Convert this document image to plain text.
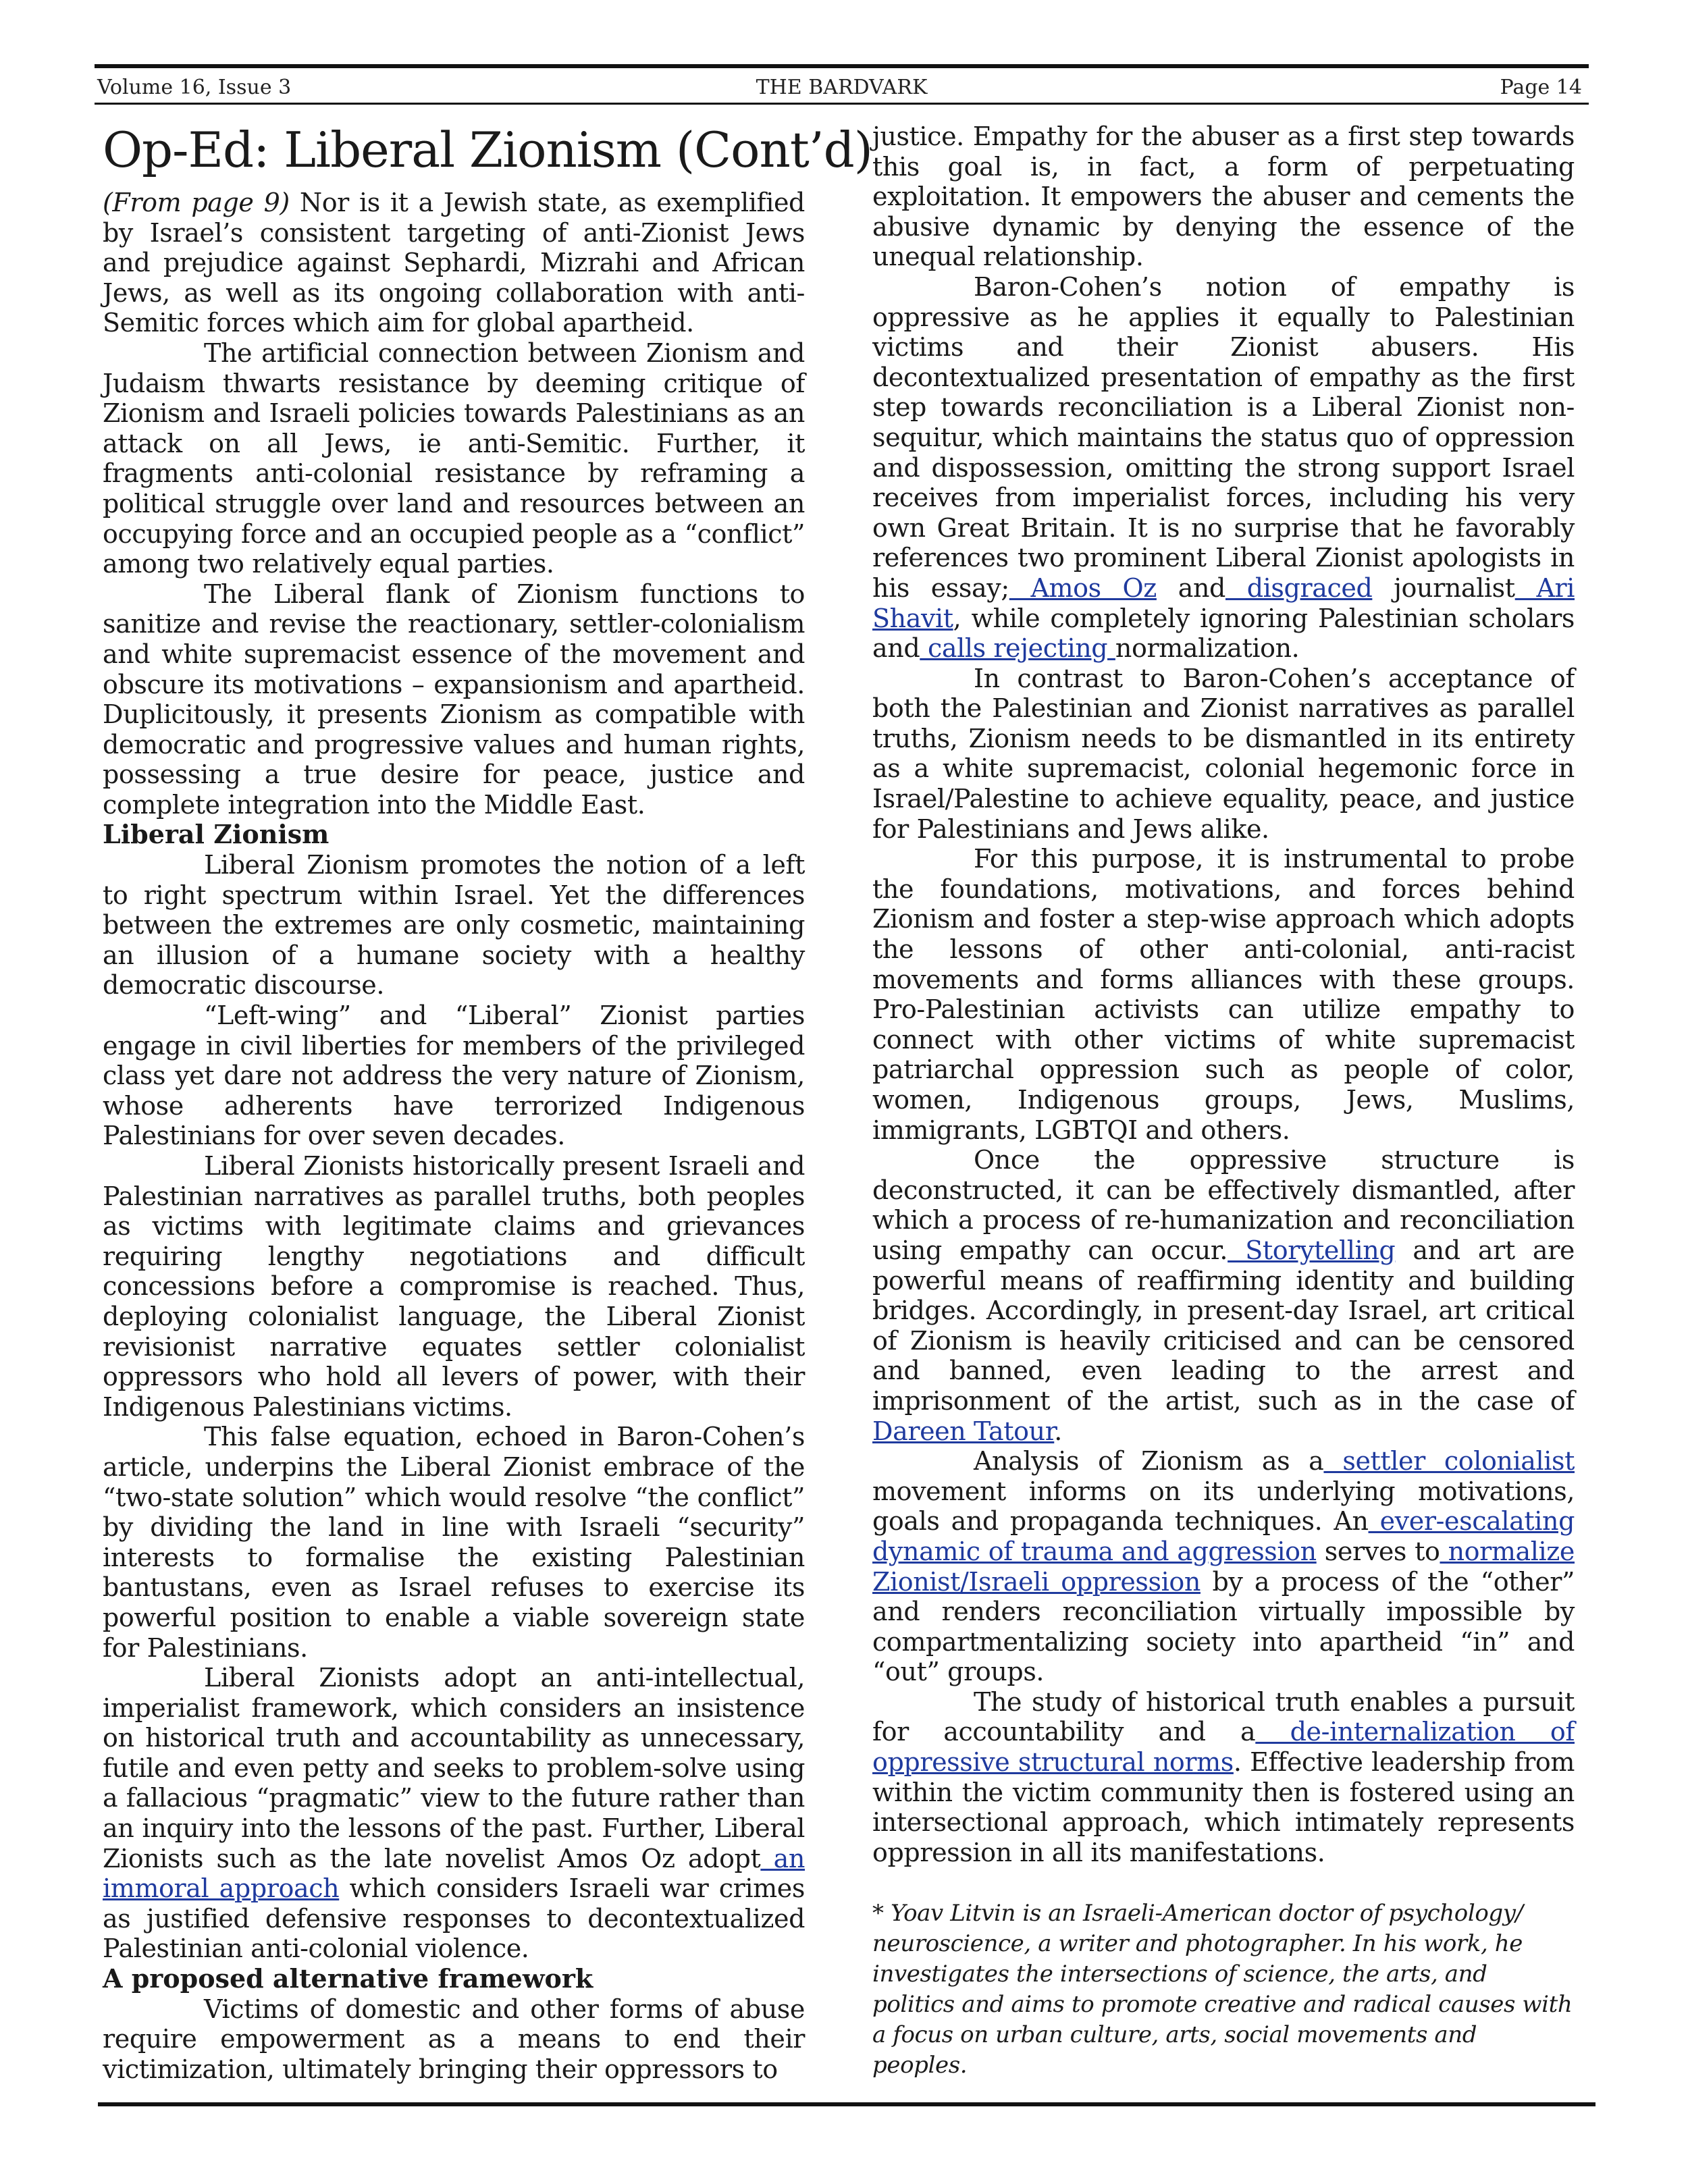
Volume 16, Issue 3	THE BARDVARK	Page 14
Op-Ed: Liberal Zionism (Cont’d)

(From page 9) Nor is it a Jewish state, as exemplified by Israel’s consistent targeting of anti-Zionist Jews and prejudice against Sephardi, Mizrahi and African Jews, as well as its ongoing collaboration with anti-Semitic forces which aim for global apartheid.

The artificial connection between Zionism and Judaism thwarts resistance by deeming critique of Zionism and Israeli policies towards Palestinians as an attack on all Jews, ie anti-Semitic. Further, it fragments anti-colonial resistance by reframing a political struggle over land and resources between an occupying force and an occupied people as a “conflict” among two relatively equal parties.

The Liberal flank of Zionism functions to sanitize and revise the reactionary, settler-colonialism and white supremacist essence of the movement and obscure its motivations – expansionism and apartheid. Duplicitously, it presents Zionism as compatible with democratic and progressive values and human rights, possessing a true desire for peace, justice and complete integration into the Middle East.

Liberal Zionism

Liberal Zionism promotes the notion of a left to right spectrum within Israel. Yet the differences between the extremes are only cosmetic, maintaining an illusion of a humane society with a healthy democratic discourse.

“Left-wing” and “Liberal” Zionist parties engage in civil liberties for members of the privileged class yet dare not address the very nature of Zionism, whose adherents have terrorized Indigenous Palestinians for over seven decades.

Liberal Zionists historically present Israeli and Palestinian narratives as parallel truths, both peoples as victims with legitimate claims and grievances requiring lengthy negotiations and difficult concessions before a compromise is reached. Thus, deploying colonialist language, the Liberal Zionist revisionist narrative equates settler colonialist oppressors who hold all levers of power, with their Indigenous Palestinians victims.

This false equation, echoed in Baron-Cohen’s article, underpins the Liberal Zionist embrace of the “two-state solution” which would resolve “the conflict” by dividing the land in line with Israeli “security” interests to formalise the existing Palestinian bantustans, even as Israel refuses to exercise its powerful position to enable a viable sovereign state for Palestinians.

Liberal Zionists adopt an anti-intellectual, imperialist framework, which considers an insistence on historical truth and accountability as unnecessary, futile and even petty and seeks to problem-solve using a fallacious “pragmatic” view to the future rather than an inquiry into the lessons of the past. Further, Liberal Zionists such as the late novelist Amos Oz adopt an immoral approach which considers Israeli war crimes as justified defensive responses to decontextualized Palestinian anti-colonial violence.

A proposed alternative framework

Victims of domestic and other forms of abuse require empowerment as a means to end their victimization, ultimately bringing their oppressors to

justice. Empathy for the abuser as a first step towards this goal is, in fact, a form of perpetuating exploitation. It empowers the abuser and cements the abusive dynamic by denying the essence of the unequal relationship.

Baron-Cohen’s notion of empathy is oppressive as he applies it equally to Palestinian victims and their Zionist abusers. His decontextualized presentation of empathy as the first step towards reconciliation is a Liberal Zionist non-sequitur, which maintains the status quo of oppression and dispossession, omitting the strong support Israel receives from imperialist forces, including his very own Great Britain. It is no surprise that he favorably references two prominent Liberal Zionist apologists in his essay; Amos Oz and disgraced journalist Ari Shavit, while completely ignoring Palestinian scholars and calls rejecting normalization.

In contrast to Baron-Cohen’s acceptance of both the Palestinian and Zionist narratives as parallel truths, Zionism needs to be dismantled in its entirety as a white supremacist, colonial hegemonic force in Israel/Palestine to achieve equality, peace, and justice for Palestinians and Jews alike.

For this purpose, it is instrumental to probe the foundations, motivations, and forces behind Zionism and foster a step-wise approach which adopts the lessons of other anti-colonial, anti-racist movements and forms alliances with these groups. Pro-Palestinian activists can utilize empathy to connect with other victims of white supremacist patriarchal oppression such as people of color, women, Indigenous groups, Jews, Muslims, immigrants, LGBTQI and others.

Once the oppressive structure is deconstructed, it can be effectively dismantled, after which a process of re-humanization and reconciliation using empathy can occur. Storytelling and art are powerful means of reaffirming identity and building bridges. Accordingly, in present-day Israel, art critical of Zionism is heavily criticised and can be censored and banned, even leading to the arrest and imprisonment of the artist, such as in the case of Dareen Tatour.

Analysis of Zionism as a settler colonialist movement informs on its underlying motivations, goals and propaganda techniques. An ever-escalating dynamic of trauma and aggression serves to normalize Zionist/Israeli oppression by a process of the “other” and renders reconciliation virtually impossible by compartmentalizing society into apartheid “in” and “out” groups.

The study of historical truth enables a pursuit for accountability and a de-internalization of oppressive structural norms. Effective leadership from within the victim community then is fostered using an intersectional approach, which intimately represents oppression in all its manifestations.

* Yoav Litvin is an Israeli-American doctor of psychology/ neuroscience, a writer and photographer. In his work, he investigates the intersections of science, the arts, and politics and aims to promote creative and radical causes with a focus on urban culture, arts, social movements and peoples.
